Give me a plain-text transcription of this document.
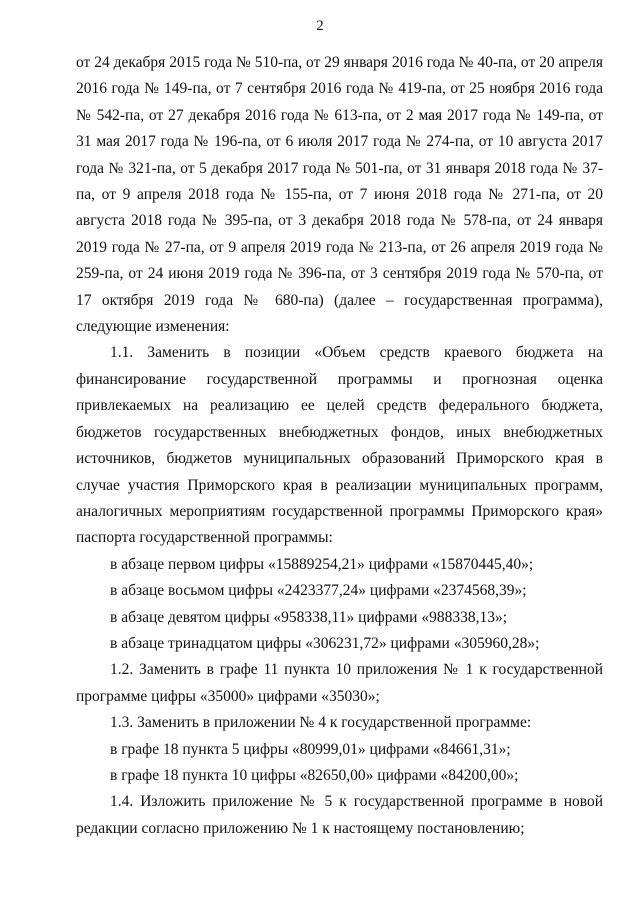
2

от 24 декабря 2015 года № 510-па, от 29 января 2016 года № 40-па, от 20 апреля 2016 года № 149-па, от 7 сентября 2016 года № 419-па, от 25 ноября 2016 года № 542-па, от 27 декабря 2016 года № 613-па, от 2 мая 2017 года № 149-па, от 31 мая 2017 года № 196-па, от 6 июля 2017 года № 274-па, от 10 августа 2017 года № 321-па, от 5 декабря 2017 года № 501-па, от 31 января 2018 года № 37-па, от 9 апреля 2018 года № 155-па, от 7 июня 2018 года № 271-па, от 20 августа 2018 года № 395-па, от 3 декабря 2018 года № 578-па, от 24 января 2019 года № 27-па, от 9 апреля 2019 года № 213-па, от 26 апреля 2019 года № 259-па, от 24 июня 2019 года № 396-па, от 3 сентября 2019 года № 570-па, от 17 октября 2019 года № 680-па) (далее – государственная программа), следующие изменения:

1.1. Заменить в позиции «Объем средств краевого бюджета на финансирование государственной программы и прогнозная оценка привлекаемых на реализацию ее целей средств федерального бюджета, бюджетов государственных внебюджетных фондов, иных внебюджетных источников, бюджетов муниципальных образований Приморского края в случае участия Приморского края в реализации муниципальных программ, аналогичных мероприятиям государственной программы Приморского края» паспорта государственной программы:

в абзаце первом цифры «15889254,21» цифрами «15870445,40»;

в абзаце восьмом цифры «2423377,24» цифрами «2374568,39»;

в абзаце девятом цифры «958338,11» цифрами «988338,13»;

в абзаце тринадцатом цифры «306231,72» цифрами «305960,28»;

1.2. Заменить в графе 11 пункта 10 приложения № 1 к государственной программе цифры «35000» цифрами «35030»;

1.3. Заменить в приложении № 4 к государственной программе:

в графе 18 пункта 5 цифры «80999,01» цифрами «84661,31»;

в графе 18 пункта 10 цифры «82650,00» цифрами «84200,00»;

1.4. Изложить приложение № 5 к государственной программе в новой редакции согласно приложению № 1 к настоящему постановлению;
